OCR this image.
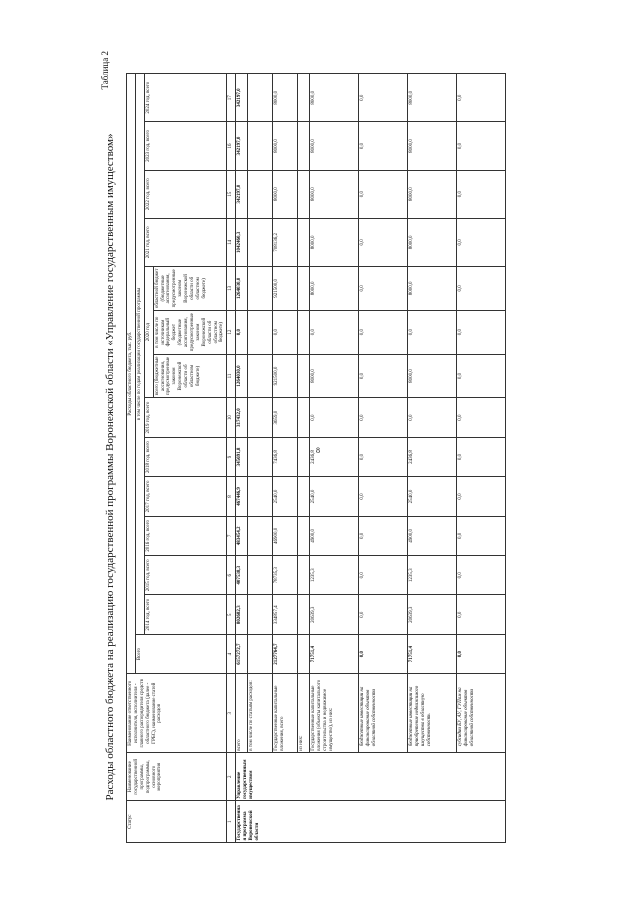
8
Таблица 2
Расходы областного бюджета на реализацию государственной программы Воронежской области «Управление государственным имуществом»
Статус	Наименование государственной программы, подпрограммы, основного мероприятия	Наименование ответственного исполнителя, исполнителя - главного распорядителя средств областного бюджета (далее - ГРБС), наименование статей расходов	Расходы областного бюджета, тыс. руб.													
			Всего	в том числе по годам реализации государственной программы												
				2014 год, всего	2015 год, всего	2016 год, всего	2017 год, всего	2018 год, всего	2019 год, всего	2020 год			2021 год, всего	2022 год, всего	2023 год, всего	2024 год, всего
										всего (бюджетные ассигнования, предусмотренные законом Воронежской области об областном бюджете)	в том числе по источникам федеральный бюджет (бюджетные ассигнования, предусмотренные законом Воронежской области об областном бюджете)	областной бюджет (бюджетные ассигнования, предусмотренные законом Воронежской области об областном бюджете)				
1	2	3	4	5	6	7	8	9	10	11	12	13	14	15	16	17
Государственная программа Воронежской области	Управление государственным имуществом	всего	6157272,7	802682,3	407538,3	483454,2	467446,9	345691,8	317432,0	1264030,0	0,0	1264030,0	1042460,3	342197,0	342197,0	342197,0
		в том числе по статьям расходов:														
		Государственные капитальные вложения, всего	2127764,7	334857,4	78735,3	46900,0	2540,0	7436,8	3659,0	921500,0	0,0	921500,0	708136,2	8000,0	8000,0	8000,0
		из них:														
		Государственные капитальные вложения (объекты капитального строительства и недвижимое имущество), из них:	71751,4	20639,3	1235,3	4900,0	2540,0	2436,8	0,0	8000,0	0,0	8000,0	8000,0	8000,0	8000,0	8000,0
		бюджетные инвестиции на финансирование объектов областной собственности	0,0	0,0	0,0	0,0	0,0	0,0	0,0	0,0	0,0	0,0	0,0	0,0	0,0	0,0
		бюджетные инвестиции на приобретение недвижимого имущества в областную собственность	71751,4	20639,3	1235,3	4900,0	2540,0	2436,8	0,0	8000,0	0,0	8000,0	8000,0	8000,0	8000,0	8000,0
		субсидии БУ, АУ, ГУПам на финансирование объектов областной собственности	0,0	0,0	0,0	0,0	0,0	0,0	0,0	0,0	0,0	0,0	0,0	0,0	0,0	0,0
